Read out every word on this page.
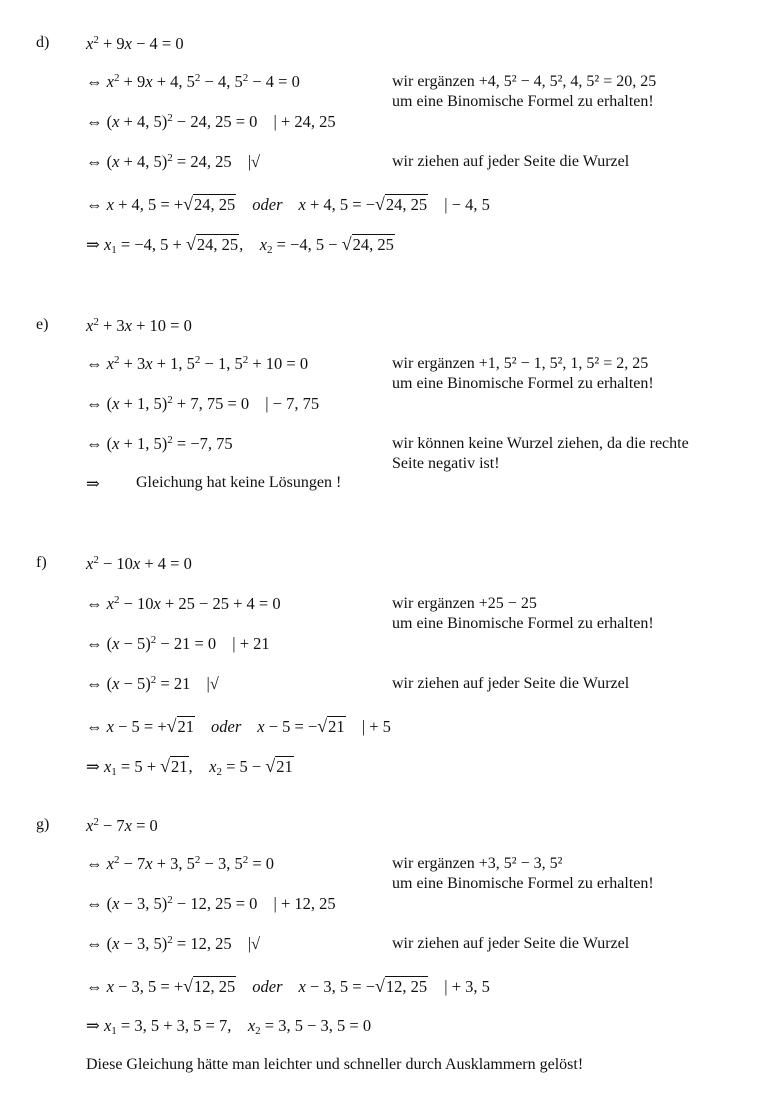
d) $x^2 + 9x - 4 = 0$
⇔ $x^2 + 9x + 4$, $5^2 - 4$, $5^2 - 4 = 0$	wir ergänzen +4, 5² − 4, 5², 4, 5² = 20, 25
um eine Binomische Formel zu erhalten!
⇔ (x + 4, 5)$^2$ − 24, 25 = 0 | + 24, 25
⇔ (x + 4, 5)$^2$ = 24, 25 |√	wir ziehen auf jeder Seite die Wurzel
⇔ x + 4, 5 = +√24, 25 oder x + 4, 5 = −√24, 25 | − 4, 5
⇒ $x_1 = -4$, 5 + √24, 25,    $x_2 = -4$, 5 − √24, 25
e) $x^2 + 3x + 10 = 0$
⇔ $x^2 + 3x + 1$, $5^2 - 1$, $5^2 + 10 = 0$	wir ergänzen +1, 5² − 1, 5², 1, 5² = 2, 25
um eine Binomische Formel zu erhalten!
⇔ (x + 1, 5)$^2$ + 7, 75 = 0 | − 7, 75
⇔ (x + 1, 5)$^2$ = −7, 75	wir können keine Wurzel ziehen, da die rechte
Seite negativ ist!
⇒ Gleichung hat keine Lösungen !
f) $x^2 - 10x + 4 = 0$
⇔ $x^2 - 10x + 25 - 25 + 4 = 0$	wir ergänzen +25 − 25
um eine Binomische Formel zu erhalten!
⇔ $(x - 5)^2 - 21 = 0$ | + 21
⇔ $(x - 5)^2 = 21$ |√	wir ziehen auf jeder Seite die Wurzel
⇔ x − 5 = +√21 oder x − 5 = −√21 | + 5
⇒ $x_1 = 5 + √21$,    $x_2 = 5 - √21$
g) $x^2 - 7x = 0$
⇔ $x^2 - 7x + 3$, $5^2 - 3$, $5^2 = 0$	wir ergänzen +3, 5² − 3, 5²
um eine Binomische Formel zu erhalten!
⇔ (x − 3, 5)$^2$ − 12, 25 = 0 | + 12, 25
⇔ (x − 3, 5)$^2$ = 12, 25 |√	wir ziehen auf jeder Seite die Wurzel
⇔ x − 3, 5 = +√12, 25 oder x − 3, 5 = −√12, 25 | + 3, 5
⇒ $x_1 = 3$, 5 + 3, 5 = 7,    $x_2 = 3$, 5 − 3, 5 = 0
Diese Gleichung hätte man leichter und schneller durch Ausklammern gelöst!
